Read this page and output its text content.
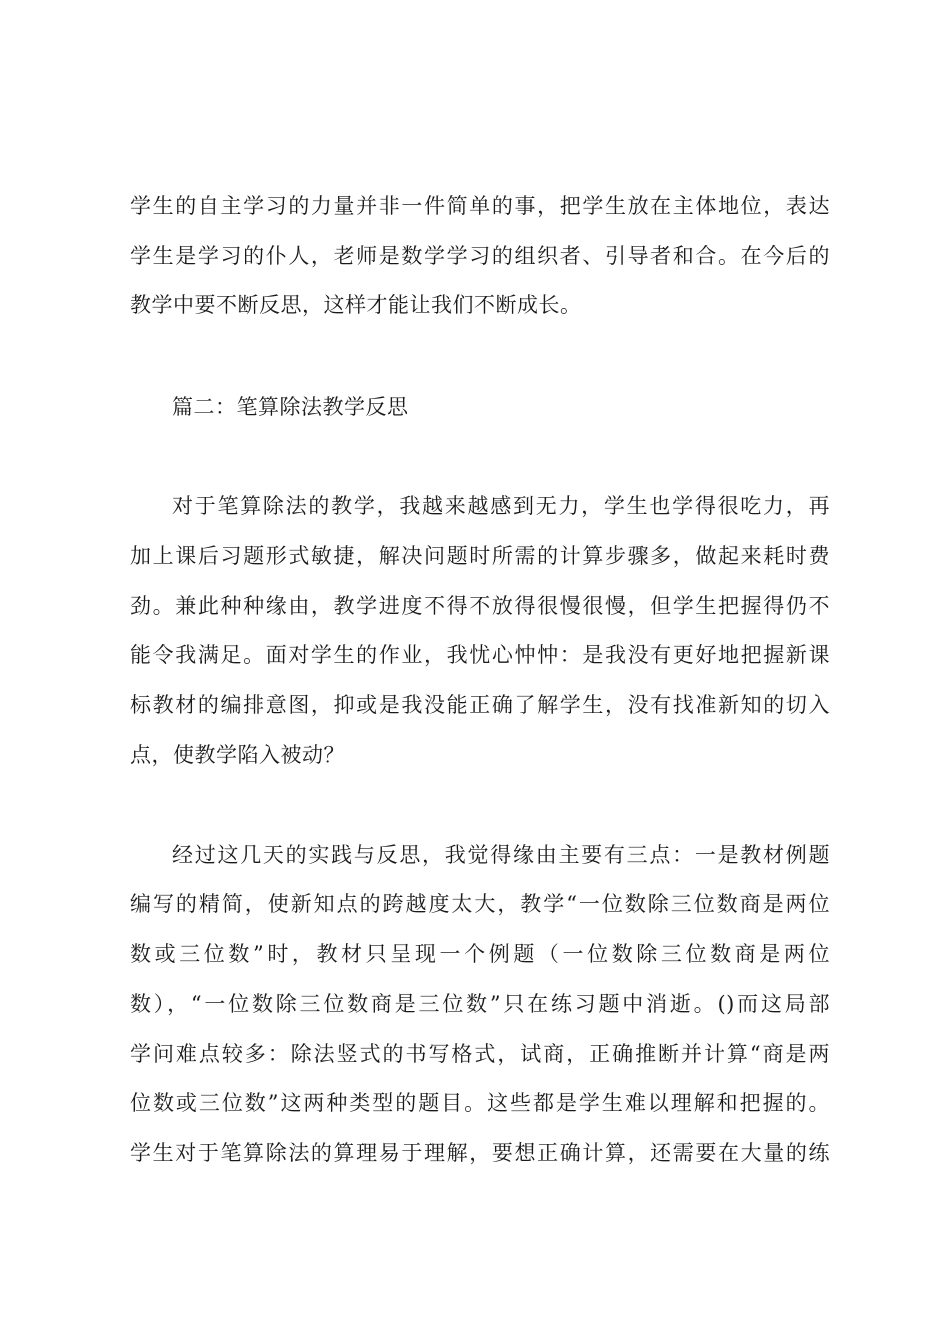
学生的自主学习的力量并非一件简单的事，把学生放在主体地位，表达
学生是学习的仆人，老师是数学学习的组织者、引导者和合。在今后的
教学中要不断反思，这样才能让我们不断成长。
篇二：笔算除法教学反思
对于笔算除法的教学，我越来越感到无力，学生也学得很吃力，再
加上课后习题形式敏捷，解决问题时所需的计算步骤多，做起来耗时费
劲。兼此种种缘由，教学进度不得不放得很慢很慢，但学生把握得仍不
能令我满足。面对学生的作业，我忧心忡忡：是我没有更好地把握新课
标教材的编排意图，抑或是我没能正确了解学生，没有找准新知的切入
点，使教学陷入被动？
经过这几天的实践与反思，我觉得缘由主要有三点：一是教材例题
编写的精简，使新知点的跨越度太大，教学“一位数除三位数商是两位
数或三位数”时，教材只呈现一个例题（一位数除三位数商是两位
数），“一位数除三位数商是三位数”只在练习题中消逝。()而这局部
学问难点较多：除法竖式的书写格式，试商，正确推断并计算“商是两
位数或三位数”这两种类型的题目。这些都是学生难以理解和把握的。
学生对于笔算除法的算理易于理解，要想正确计算，还需要在大量的练
